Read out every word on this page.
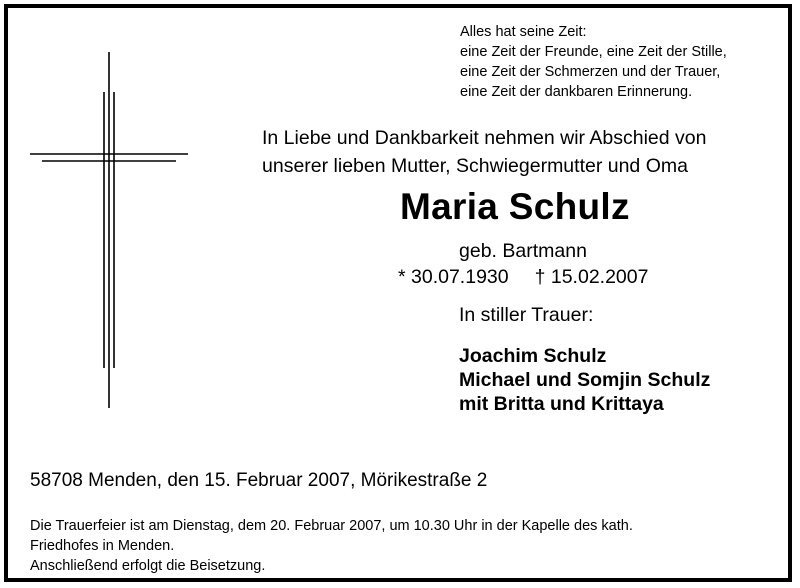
Alles hat seine Zeit:
eine Zeit der Freunde, eine Zeit der Stille,
eine Zeit der Schmerzen und der Trauer,
eine Zeit der dankbaren Erinnerung.
In Liebe und Dankbarkeit nehmen wir Abschied von
unserer lieben Mutter, Schwiegermutter und Oma
Maria Schulz
geb. Bartmann
* 30.07.1930 † 15.02.2007
In stiller Trauer:
Joachim Schulz
Michael und Somjin Schulz
mit Britta und Krittaya
58708 Menden, den 15. Februar 2007, Mörikestraße 2
Die Trauerfeier ist am Dienstag, dem 20. Februar 2007, um 10.30 Uhr in der Kapelle des kath.
Friedhofes in Menden.
Anschließend erfolgt die Beisetzung.
